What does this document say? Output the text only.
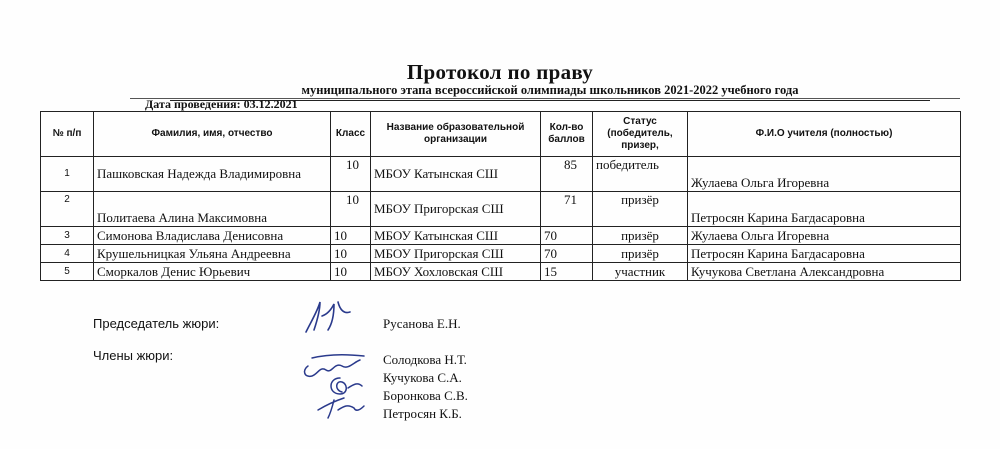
Протокол по праву
муниципального этапа всероссийской олимпиады школьников 2021-2022 учебного года
Дата проведения: 03.12.2021
№ п/п	Фамилия, имя, отчество	Класс	Название образовательной организации	Кол-во баллов	Статус (победитель, призер,	Ф.И.О учителя (полностью)
1	Пашковская Надежда Владимировна	10	МБОУ Катынская СШ	85	победитель	Жулаева Ольга Игоревна
2	Политаева Алина Максимовна	10	МБОУ Пригорская СШ	71	призёр	Петросян Карина Багдасаровна
3	Симонова Владислава Денисовна	10	МБОУ Катынская СШ	70	призёр	Жулаева Ольга Игоревна
4	Крушельницкая Ульяна Андреевна	10	МБОУ Пригорская СШ	70	призёр	Петросян Карина Багдасаровна
5	Сморкалов Денис Юрьевич	10	МБОУ Хохловская СШ	15	участник	Кучукова Светлана Александровна
Председатель жюри:	Русанова Е.Н.
Члены жюри:	Солодкова Н.Т.
Кучукова С.А.
Боронкова С.В.
Петросян К.Б.
